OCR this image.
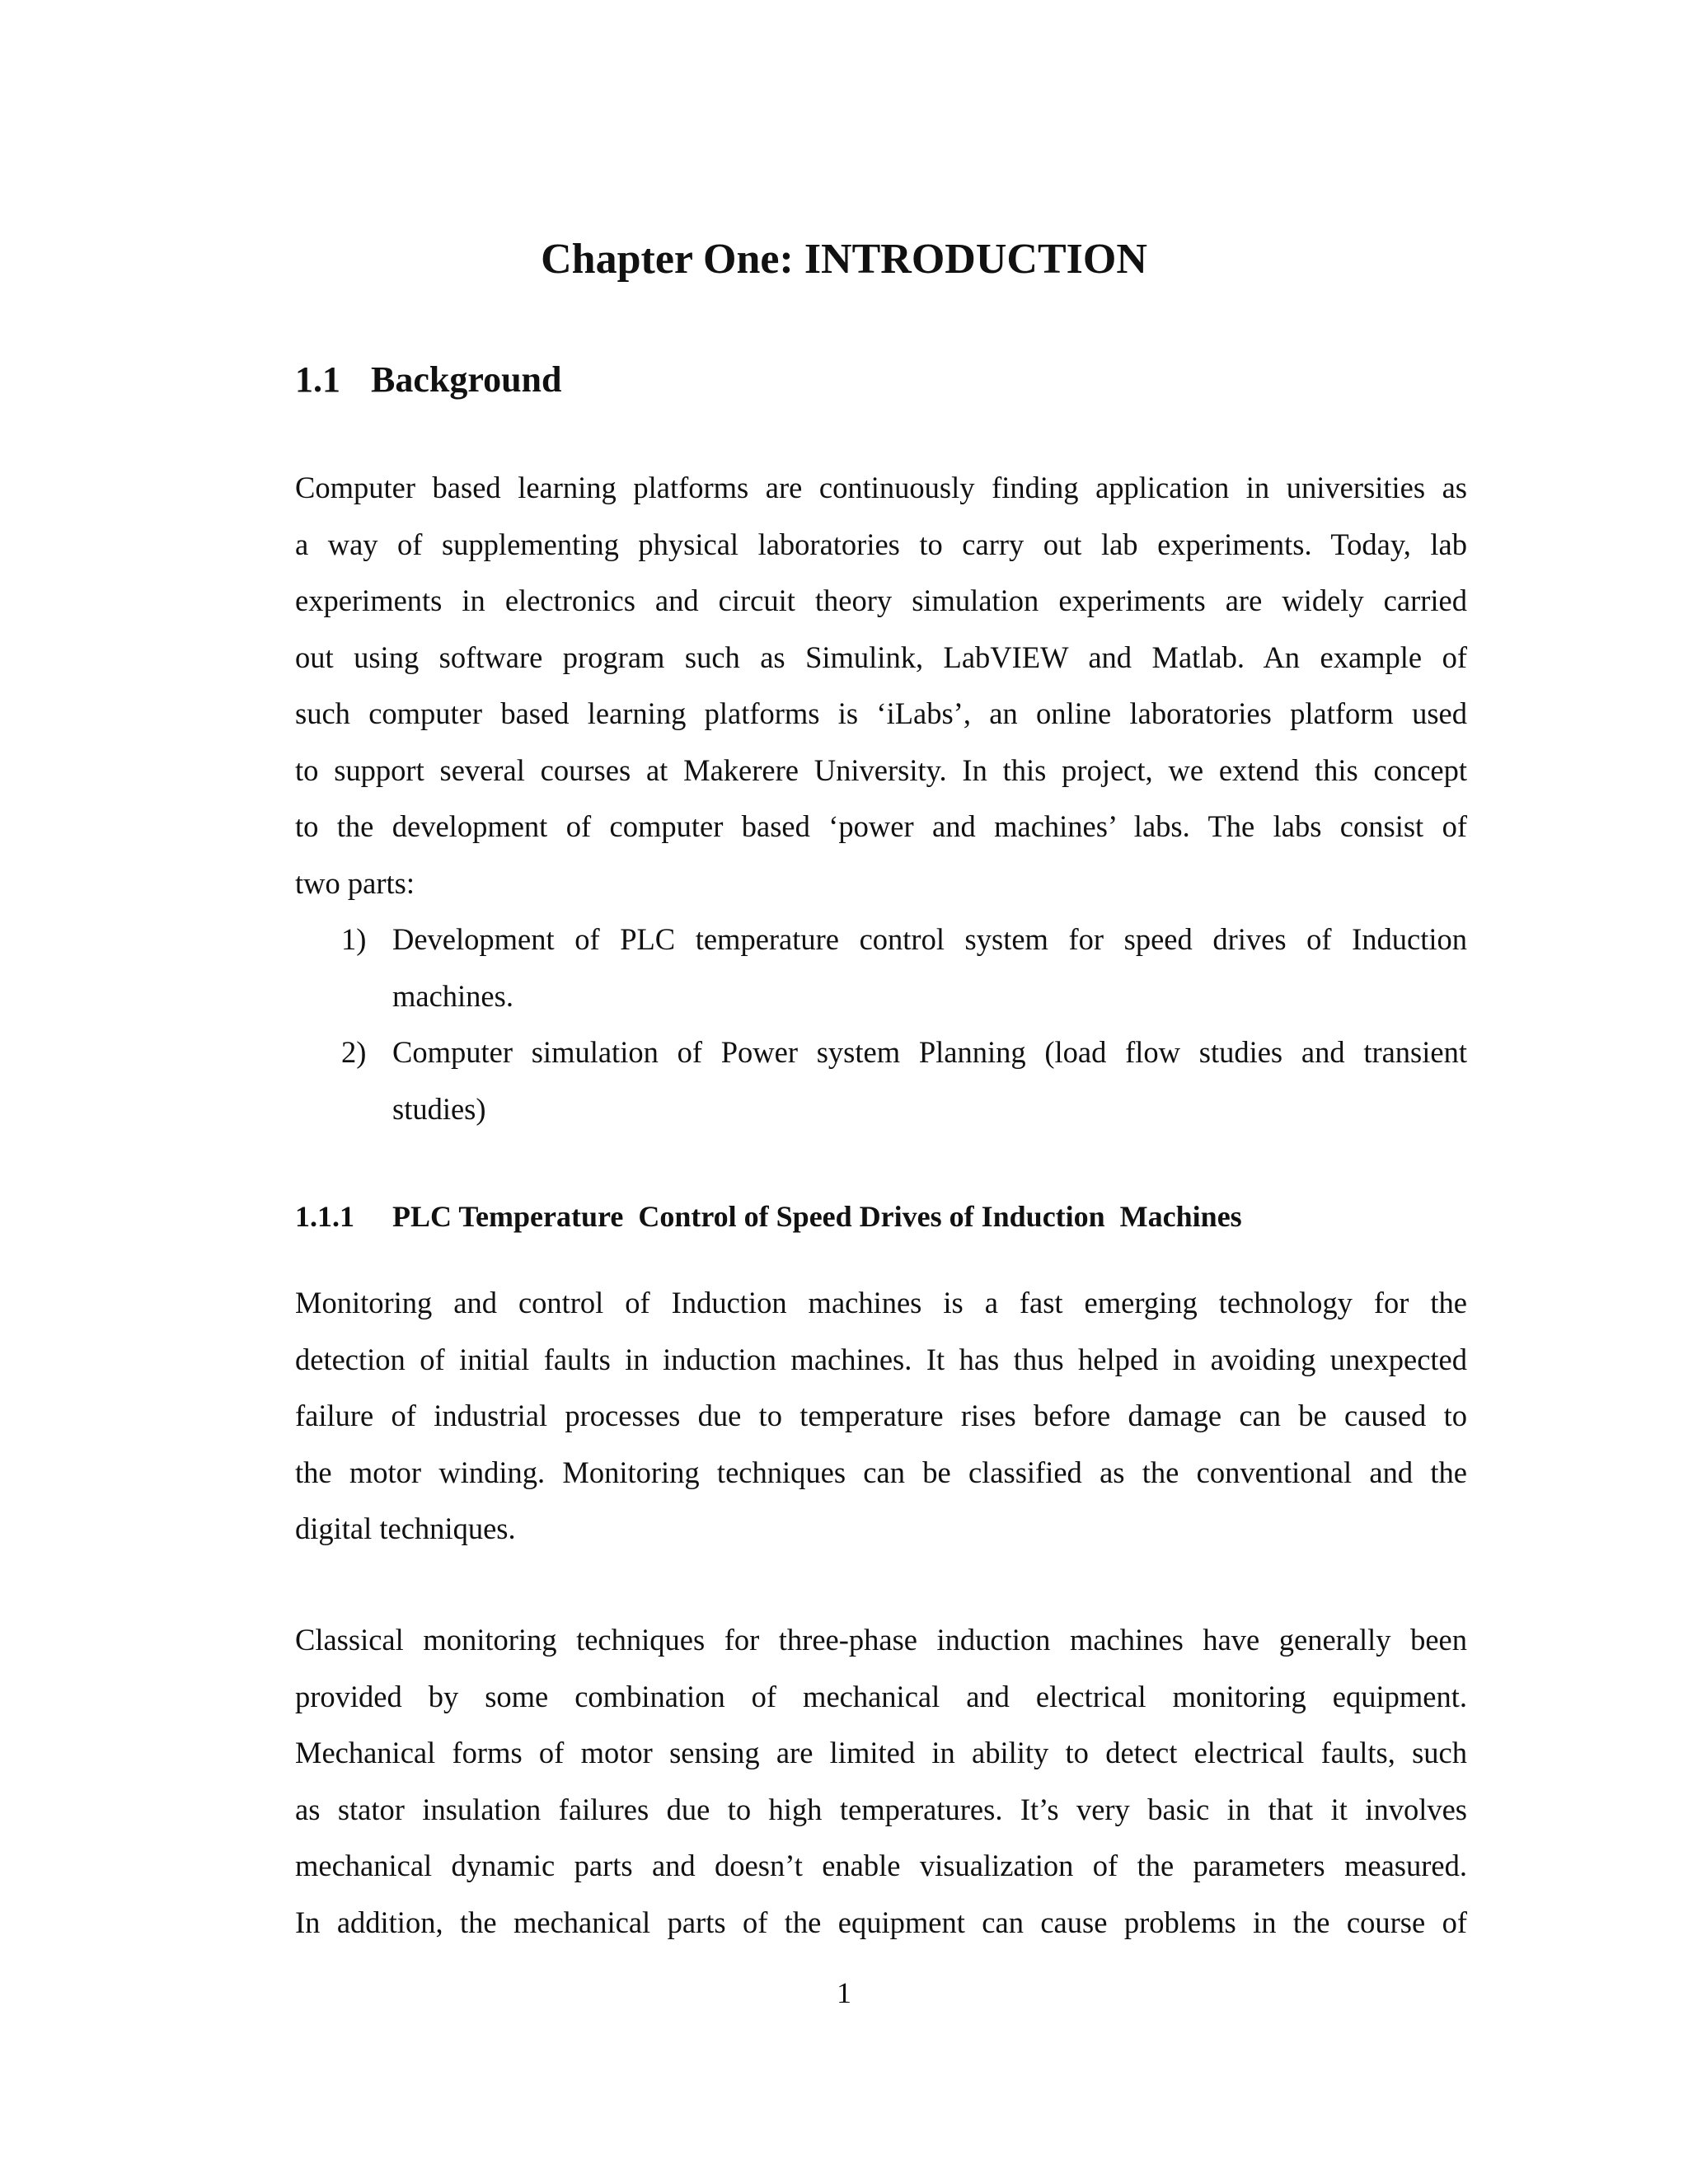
Chapter One: INTRODUCTION
1.1 Background
Computer based learning platforms are continuously finding application in universities as
a way of supplementing physical laboratories to carry out lab experiments. Today, lab
experiments in electronics and circuit theory simulation experiments are widely carried
out using software program such as Simulink, LabVIEW and Matlab. An example of
such computer based learning platforms is ‘iLabs’, an online laboratories platform used
to support several courses at Makerere University. In this project, we extend this concept
to the development of computer based ‘power and machines’ labs. The labs consist of
two parts:
1) Development of PLC temperature control system for speed drives of Induction
machines.
2) Computer simulation of Power system Planning (load flow studies and transient
studies)
1.1.1 PLC Temperature  Control of Speed Drives of Induction  Machines
Monitoring and control of Induction machines is a fast emerging technology for the
detection of initial faults in induction machines. It has thus helped in avoiding unexpected
failure of industrial processes due to temperature rises before damage can be caused to
the motor winding. Monitoring techniques can be classified as the conventional and the
digital techniques.
Classical monitoring techniques for three-phase induction machines have generally been
provided by some combination of mechanical and electrical monitoring equipment.
Mechanical forms of motor sensing are limited in ability to detect electrical faults, such
as stator insulation failures due to high temperatures. It’s very basic in that it involves
mechanical dynamic parts and doesn’t enable visualization of the parameters measured.
In addition, the mechanical parts of the equipment can cause problems in the course of
1
